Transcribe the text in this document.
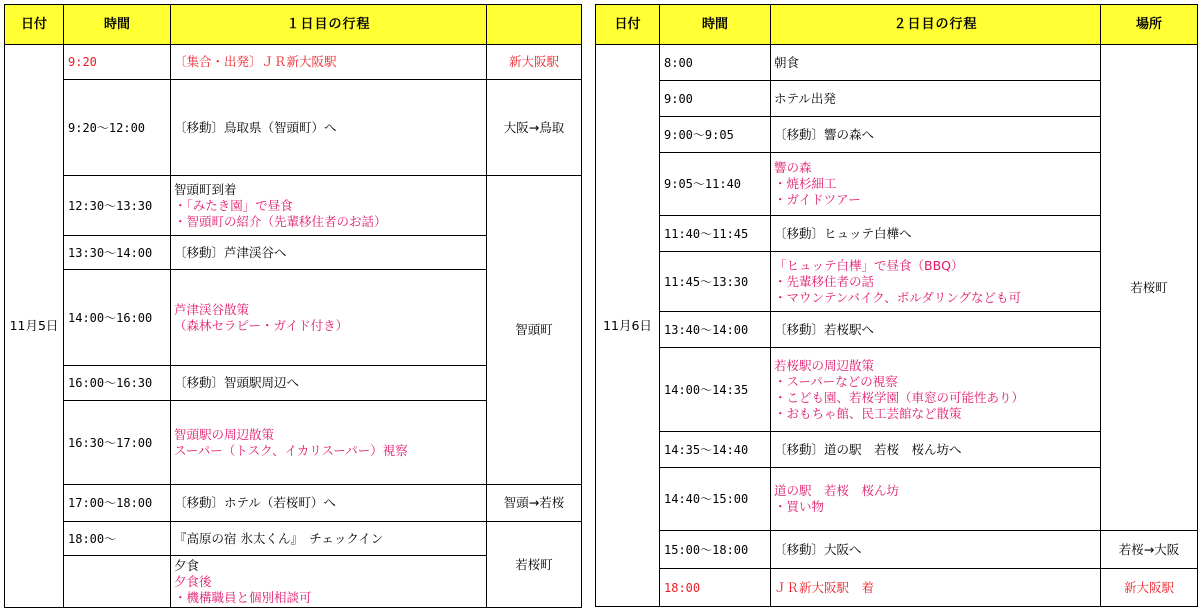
日付	時間	１日目の行程	
11月5日	9:20	〔集合・出発〕ＪＲ新大阪駅	新大阪駅
	9:20〜12:00	〔移動〕鳥取県（智頭町）へ	大阪→鳥取
	12:30〜13:30	智頭町到着
・「みたき園」で昼食
・智頭町の紹介（先輩移住者のお話）	智頭町
	13:30〜14:00	〔移動〕芦津渓谷へ	

	14:00〜16:00	芦津渓谷散策
（森林セラピー・ガイド付き）	

	16:00〜16:30	〔移動〕智頭駅周辺へ	

	16:30〜17:00	智頭駅の周辺散策
スーパー（トスク、イカリスーパー）視察	

	17:00〜18:00	〔移動〕ホテル（若桜町）へ	智頭→若桜
	18:00〜	『高原の宿 氷太くん』　チェックイン	若桜町

		夕食
夕食後
・機構職員と個別相談可	
日付	時間	２日目の行程	場所
11月6日	8:00	朝食	若桜町
	9:00	ホテル出発	

	9:00〜9:05	〔移動〕響の森へ	

	9:05〜11:40	響の森
・焼杉細工
・ガイドツアー	

	11:40〜11:45	〔移動〕ヒュッテ白樺へ	

	11:45〜13:30	「ヒュッテ白樺」で昼食（BBQ）
・先輩移住者の話
・マウンテンバイク、ボルダリングなども可	

	13:40〜14:00	〔移動〕若桜駅へ	

	14:00〜14:35	若桜駅の周辺散策
・スーパーなどの視察
・こども園、若桜学園（車窓の可能性あり）
・おもちゃ館、民工芸館など散策	

	14:35〜14:40	〔移動〕道の駅　若桜　桜ん坊へ	

	14:40〜15:00	道の駅　若桜　桜ん坊
・買い物	

	15:00〜18:00	〔移動〕大阪へ	若桜→大阪
	18:00	ＪＲ新大阪駅　着	新大阪駅
